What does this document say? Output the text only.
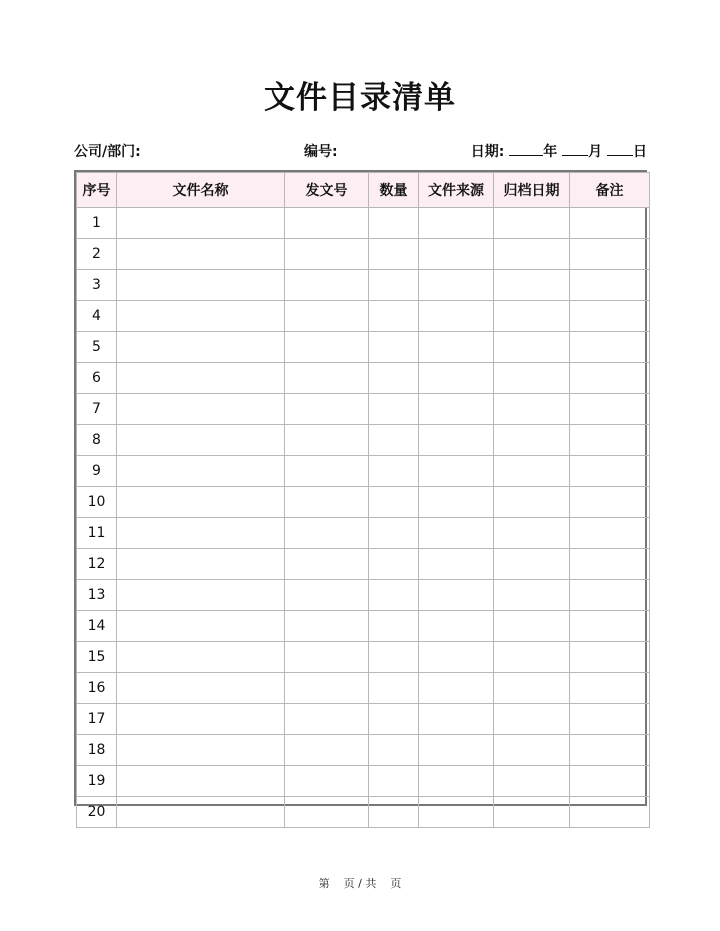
文件目录清单
公司/部门:	编号:	日期:	年 月 日
序号	文件名称	发文号	数量	文件来源	归档日期	备注
1						
2						
3						
4						
5						
6						
7						
8						
9						
10						
11						
12						
13						
14						
15						
16						
17						
18						
19						
20						
第    页 / 共    页
